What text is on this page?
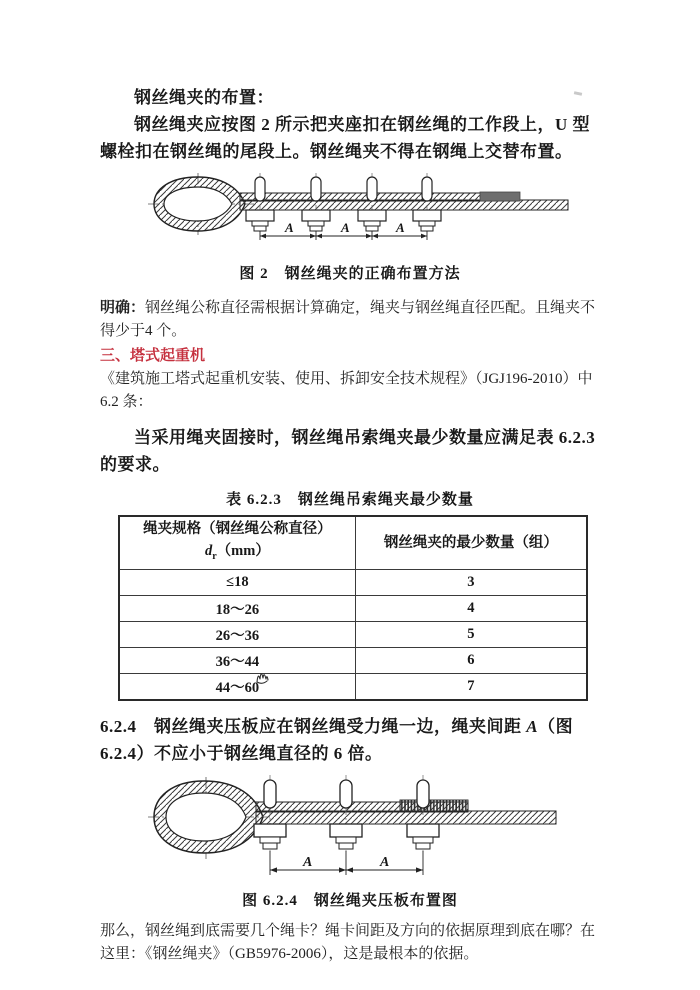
钢丝绳夹的布置：

钢丝绳夹应按图 2 所示把夹座扣在钢丝绳的工作段上，U 型螺栓扣在钢丝绳的尾段上。钢丝绳夹不得在钢绳上交替布置。

A	A	A
图 2　钢丝绳夹的正确布置方法

明确：钢丝绳公称直径需根据计算确定，绳夹与钢丝绳直径匹配。且绳夹不得少于4 个。

三、塔式起重机

《建筑施工塔式起重机安装、使用、拆卸安全技术规程》（JGJ196-2010）中 6.2 条：

当采用绳夹固接时，钢丝绳吊索绳夹最少数量应满足表 6.2.3 的要求。

表 6.2.3　钢丝绳吊索绳夹最少数量
绳夹规格（钢丝绳公称直径）
$d_r(mm)$	钢丝绳夹的最少数量（组）
≤18	3
18～26	4
26～36	5
36～44	6
44～60	7

6.2.4　钢丝绳夹压板应在钢丝绳受力绳一边，绳夹间距 A（图6.2.4）不应小于钢丝绳直径的 6 倍。

A	A
图 6.2.4　钢丝绳夹压板布置图

那么，钢丝绳到底需要几个绳卡？绳卡间距及方向的依据原理到底在哪？在这里：《钢丝绳夹》（GB5976-2006），这是最根本的依据。
